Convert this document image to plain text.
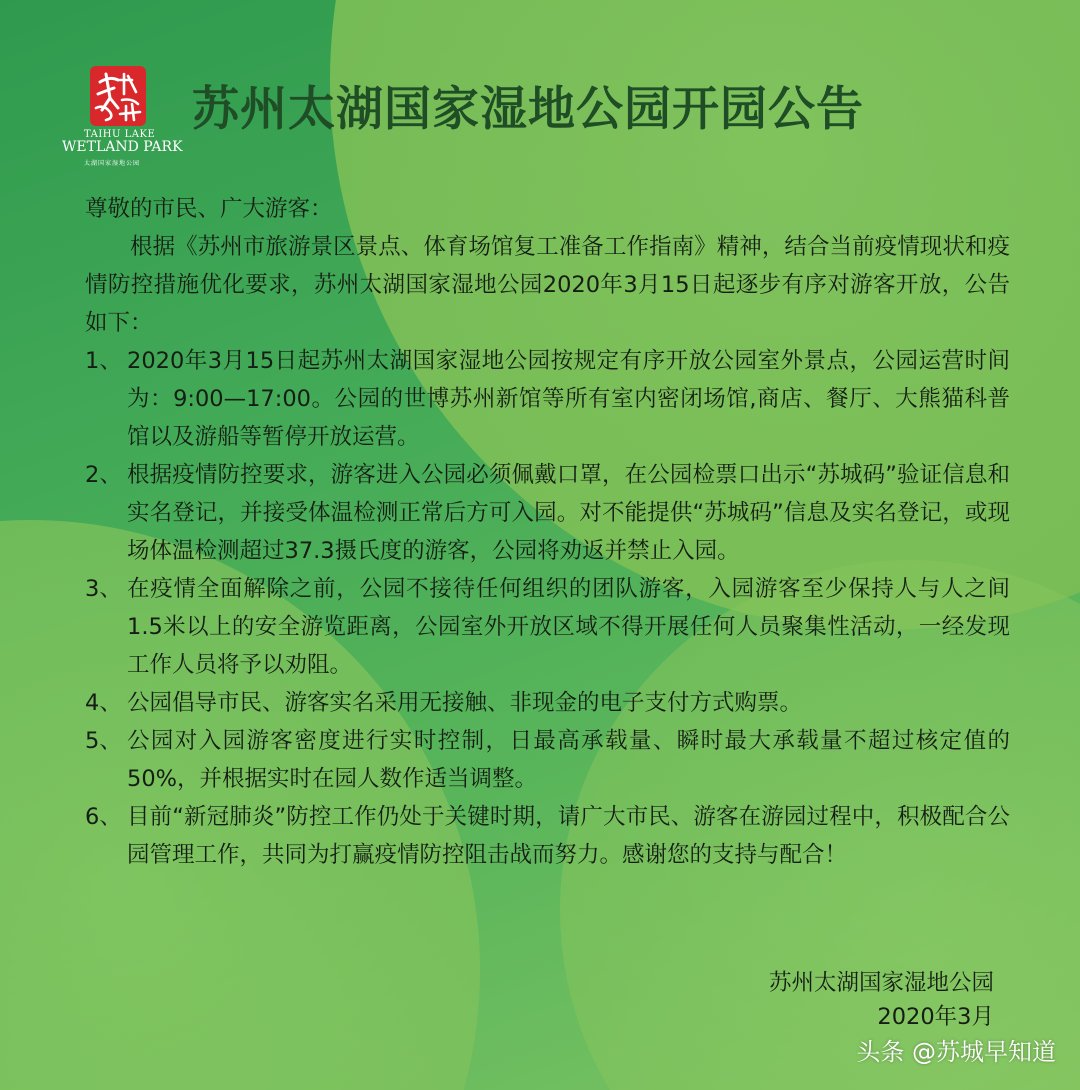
TAIHU LAKE
WETLAND PARK
太湖国家湿地公园
苏州太湖国家湿地公园开园公告

尊敬的市民、广大游客：

根据《苏州市旅游景区景点、体育场馆复工准备工作指南》精神，结合当前疫情现状和疫情防控措施优化要求，苏州太湖国家湿地公园2020年3月15日起逐步有序对游客开放，公告如下：

1、 2020年3月15日起苏州太湖国家湿地公园按规定有序开放公园室外景点，公园运营时间为：9:00—17:00。公园的世博苏州新馆等所有室内密闭场馆,商店、餐厅、大熊猫科普馆以及游船等暂停开放运营。
2、 根据疫情防控要求，游客进入公园必须佩戴口罩，在公园检票口出示“苏城码”验证信息和实名登记，并接受体温检测正常后方可入园。对不能提供“苏城码”信息及实名登记，或现场体温检测超过37.3摄氏度的游客，公园将劝返并禁止入园。
3、 在疫情全面解除之前，公园不接待任何组织的团队游客，入园游客至少保持人与人之间1.5米以上的安全游览距离，公园室外开放区域不得开展任何人员聚集性活动，一经发现工作人员将予以劝阻。
4、 公园倡导市民、游客实名采用无接触、非现金的电子支付方式购票。
5、 公园对入园游客密度进行实时控制，日最高承载量、瞬时最大承载量不超过核定值的50%，并根据实时在园人数作适当调整。
6、 目前“新冠肺炎”防控工作仍处于关键时期，请广大市民、游客在游园过程中，积极配合公园管理工作，共同为打赢疫情防控阻击战而努力。感谢您的支持与配合！
苏州太湖国家湿地公园
2020年3月
头条 @苏城早知道
